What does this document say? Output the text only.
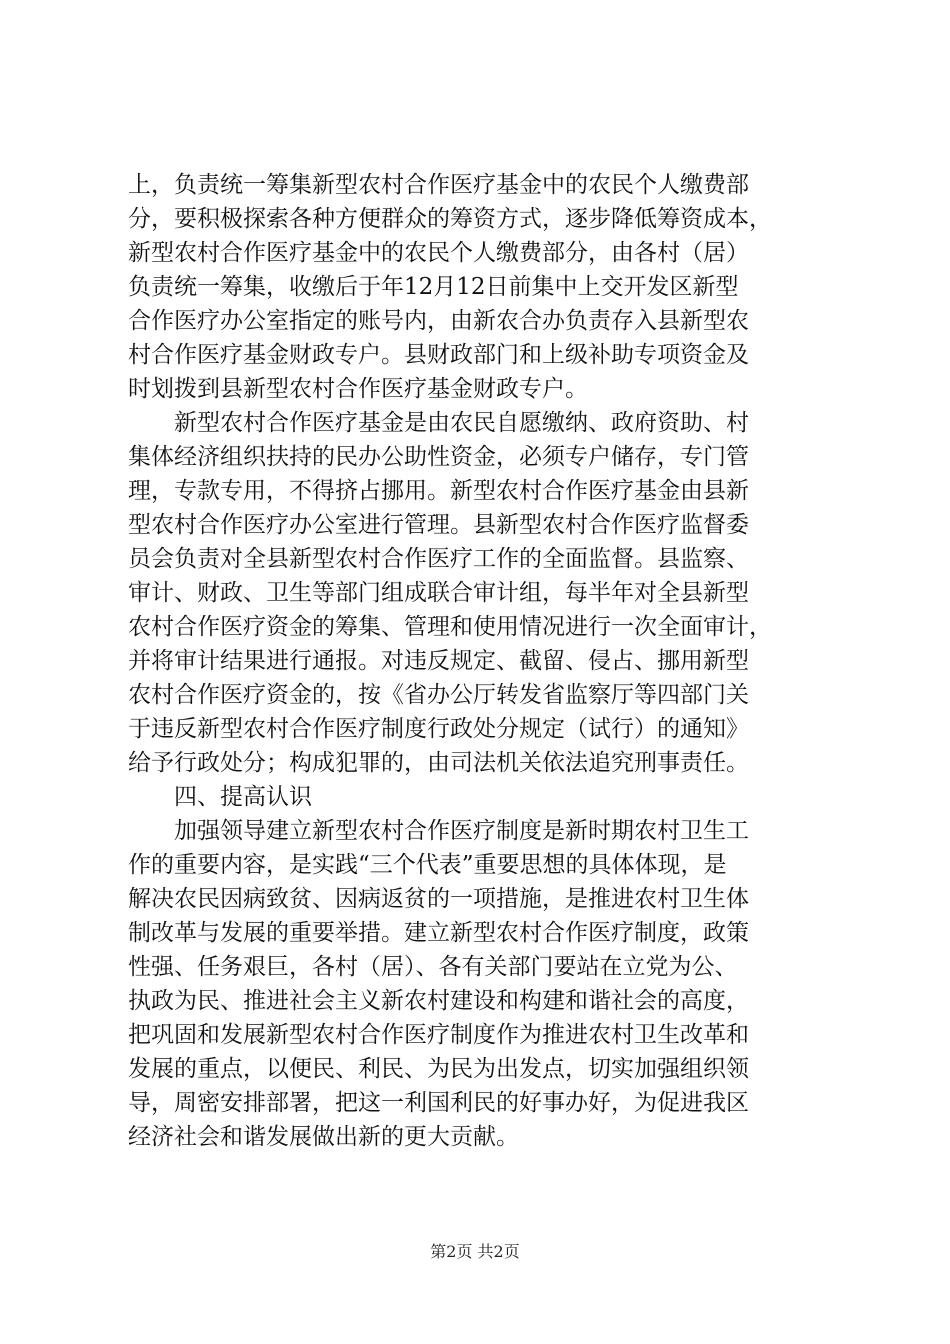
上，负责统一筹集新型农村合作医疗基金中的农民个人缴费部
分，要积极探索各种方便群众的筹资方式，逐步降低筹资成本，
新型农村合作医疗基金中的农民个人缴费部分，由各村（居）
负责统一筹集，收缴后于年12月12日前集中上交开发区新型
合作医疗办公室指定的账号内，由新农合办负责存入县新型农
村合作医疗基金财政专户。县财政部门和上级补助专项资金及
时划拨到县新型农村合作医疗基金财政专户。
　　新型农村合作医疗基金是由农民自愿缴纳、政府资助、村
集体经济组织扶持的民办公助性资金，必须专户储存，专门管
理，专款专用，不得挤占挪用。新型农村合作医疗基金由县新
型农村合作医疗办公室进行管理。县新型农村合作医疗监督委
员会负责对全县新型农村合作医疗工作的全面监督。县监察、
审计、财政、卫生等部门组成联合审计组，每半年对全县新型
农村合作医疗资金的筹集、管理和使用情况进行一次全面审计，
并将审计结果进行通报。对违反规定、截留、侵占、挪用新型
农村合作医疗资金的，按《省办公厅转发省监察厅等四部门关
于违反新型农村合作医疗制度行政处分规定（试行）的通知》
给予行政处分；构成犯罪的，由司法机关依法追究刑事责任。
　　四、提高认识
　　加强领导建立新型农村合作医疗制度是新时期农村卫生工
作的重要内容，是实践“三个代表”重要思想的具体体现，是
解决农民因病致贫、因病返贫的一项措施，是推进农村卫生体
制改革与发展的重要举措。建立新型农村合作医疗制度，政策
性强、任务艰巨，各村（居）、各有关部门要站在立党为公、
执政为民、推进社会主义新农村建设和构建和谐社会的高度，
把巩固和发展新型农村合作医疗制度作为推进农村卫生改革和
发展的重点，以便民、利民、为民为出发点，切实加强组织领
导，周密安排部署，把这一利国利民的好事办好，为促进我区
经济社会和谐发展做出新的更大贡献。
第2页 共2页
